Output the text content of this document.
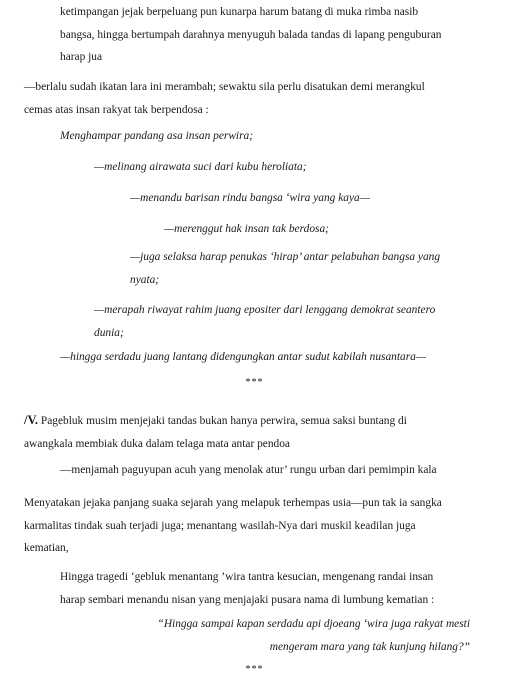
ketimpangan jejak berpeluang pun kunarpa harum batang di muka rimba nasib
bangsa, hingga bertumpah darahnya menyuguh balada tandas di lapang penguburan
harap jua
—berlalu sudah ikatan lara ini merambah; sewaktu sila perlu disatukan demi merangkul
cemas atas insan rakyat tak berpendosa :
Menghampar pandang asa insan perwira;
—melinang airawata suci dari kubu heroliata;
—menandu barisan rindu bangsa ‘wira yang kaya—
—merenggut hak insan tak berdosa;
—juga selaksa harap penukas ‘hirap’ antar pelabuhan bangsa yang
nyata;
—merapah riwayat rahim juang epositer dari lenggang demokrat seantero
dunia;
—hingga serdadu juang lantang didengungkan antar sudut kabilah nusantara—
***
/V. Pagebluk musim menjejaki tandas bukan hanya perwira, semua saksi buntang di
awangkala membiak duka dalam telaga mata antar pendoa
—menjamah paguyupan acuh yang menolak atur’ rungu urban dari pemimpin kala
Menyatakan jejaka panjang suaka sejarah yang melapuk terhempas usia—pun tak ia sangka
karmalitas tindak suah terjadi juga; menantang wasilah-Nya dari muskil keadilan juga
kematian,
Hingga tragedi ‘gebluk menantang ’wira tantra kesucian, mengenang randai insan
harap sembari menandu nisan yang menjajaki pusara nama di lumbung kematian :
“Hingga sampai kapan serdadu api djoeang ‘wira juga rakyat mesti
mengeram mara yang tak kunjung hilang?”
***
